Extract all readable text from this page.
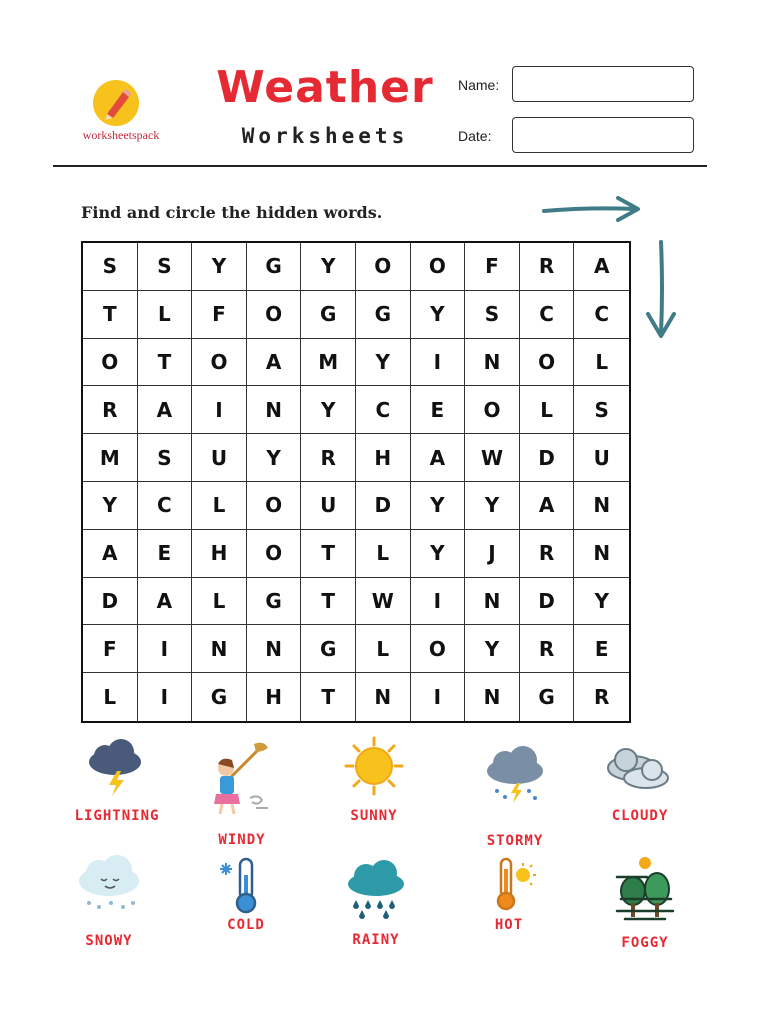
worksheetspack
Weather
Worksheets
Name:
Date:
Find and circle the hidden words.
S	S	Y	G	Y	O	O	F	R	A
T	L	F	O	G	G	Y	S	C	C
O	T	O	A	M	Y	I	N	O	L
R	A	I	N	Y	C	E	O	L	S
M	S	U	Y	R	H	A	W	D	U
Y	C	L	O	U	D	Y	Y	A	N
A	E	H	O	T	L	Y	J	R	N
D	A	L	G	T	W	I	N	D	Y
F	I	N	N	G	L	O	Y	R	E
L	I	G	H	T	N	I	N	G	R
LIGHTNING
WINDY
SUNNY
STORMY
CLOUDY
SNOWY
COLD
RAINY
HOT
FOGGY
